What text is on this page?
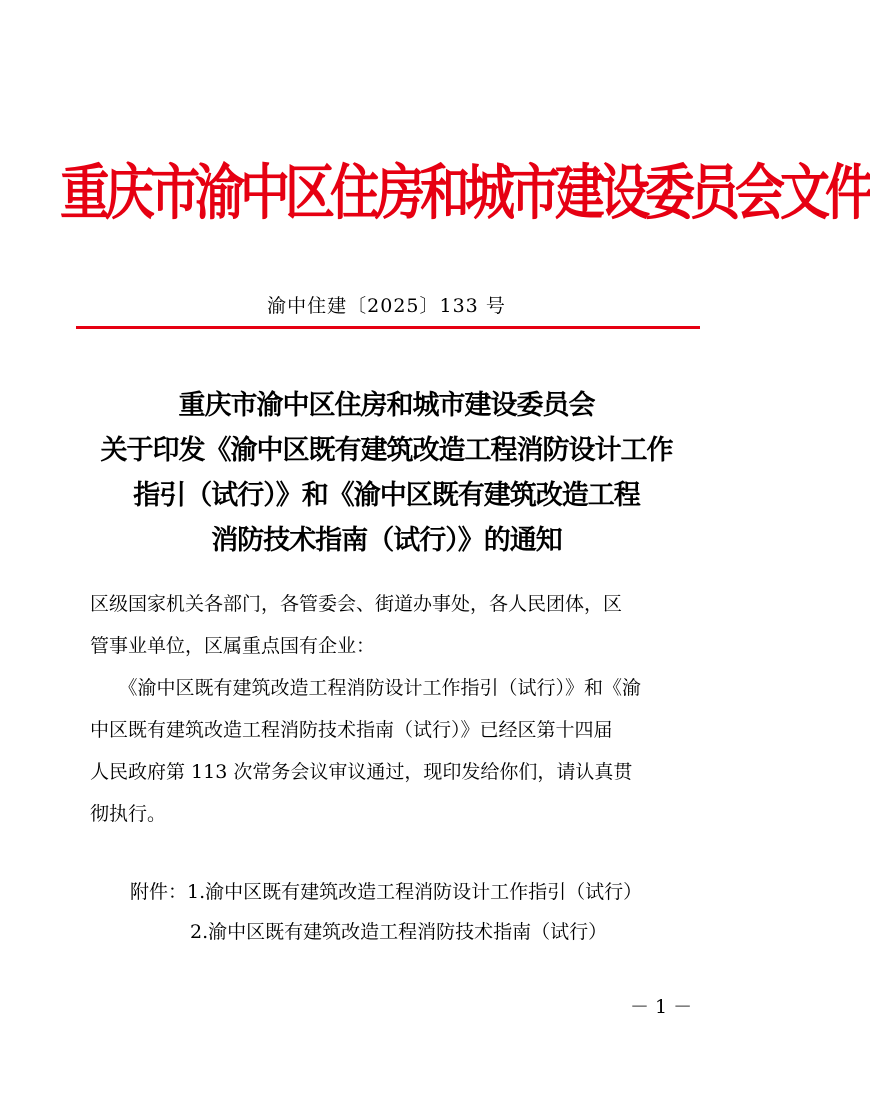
重庆市渝中区住房和城市建设委员会文件
渝中住建〔2025〕133 号
重庆市渝中区住房和城市建设委员会
关于印发《渝中区既有建筑改造工程消防设计工作
指引（试行）》和《渝中区既有建筑改造工程
消防技术指南（试行）》的通知

区级国家机关各部门，各管委会、街道办事处，各人民团体，区
管事业单位，区属重点国有企业：

　　《渝中区既有建筑改造工程消防设计工作指引（试行）》和《渝
中区既有建筑改造工程消防技术指南（试行）》已经区第十四届
人民政府第 113 次常务会议审议通过，现印发给你们，请认真贯
彻执行。

附件：1.渝中区既有建筑改造工程消防设计工作指引（试行）
2.渝中区既有建筑改造工程消防技术指南（试行）
－ 1 －
